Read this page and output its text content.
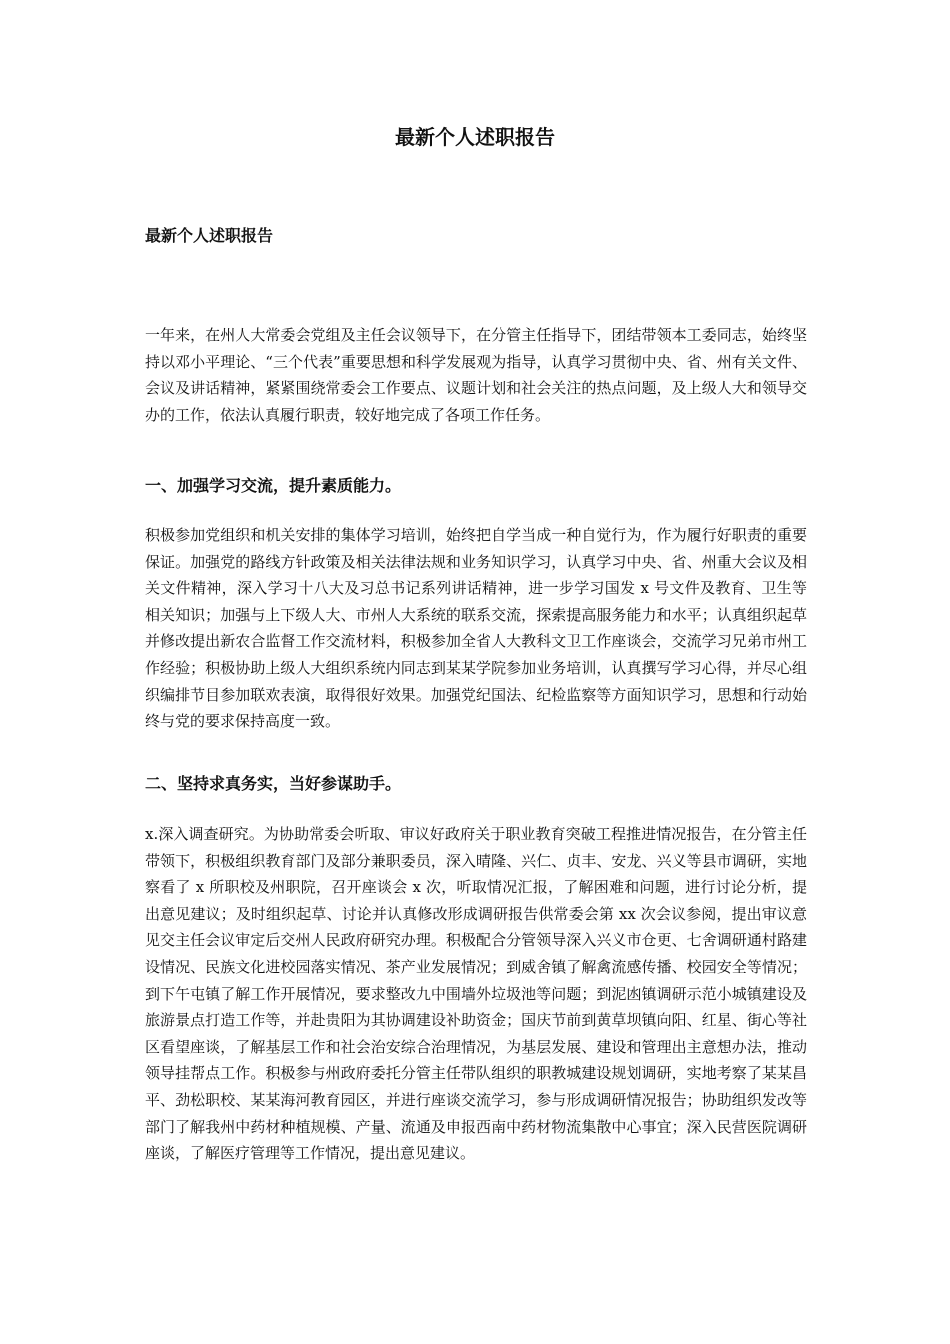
最新个人述职报告
最新个人述职报告

一年来，在州人大常委会党组及主任会议领导下，在分管主任指导下，团结带领本工委同志，始终坚持以邓小平理论、“三个代表”重要思想和科学发展观为指导，认真学习贯彻中央、省、州有关文件、会议及讲话精神，紧紧围绕常委会工作要点、议题计划和社会关注的热点问题，及上级人大和领导交办的工作，依法认真履行职责，较好地完成了各项工作任务。

一、加强学习交流，提升素质能力。

积极参加党组织和机关安排的集体学习培训，始终把自学当成一种自觉行为，作为履行好职责的重要保证。加强党的路线方针政策及相关法律法规和业务知识学习，认真学习中央、省、州重大会议及相关文件精神，深入学习十八大及习总书记系列讲话精神，进一步学习国发 x 号文件及教育、卫生等相关知识；加强与上下级人大、市州人大系统的联系交流，探索提高服务能力和水平；认真组织起草并修改提出新农合监督工作交流材料，积极参加全省人大教科文卫工作座谈会，交流学习兄弟市州工作经验；积极协助上级人大组织系统内同志到某某学院参加业务培训，认真撰写学习心得，并尽心组织编排节目参加联欢表演，取得很好效果。加强党纪国法、纪检监察等方面知识学习，思想和行动始终与党的要求保持高度一致。

二、坚持求真务实，当好参谋助手。

x.深入调查研究。为协助常委会听取、审议好政府关于职业教育突破工程推进情况报告，在分管主任带领下，积极组织教育部门及部分兼职委员，深入晴隆、兴仁、贞丰、安龙、兴义等县市调研，实地察看了 x 所职校及州职院，召开座谈会 x 次，听取情况汇报，了解困难和问题，进行讨论分析，提出意见建议；及时组织起草、讨论并认真修改形成调研报告供常委会第 xx 次会议参阅，提出审议意见交主任会议审定后交州人民政府研究办理。积极配合分管领导深入兴义市仓更、七舍调研通村路建设情况、民族文化进校园落实情况、茶产业发展情况；到威舍镇了解禽流感传播、校园安全等情况；到下午屯镇了解工作开展情况，要求整改九中围墙外垃圾池等问题；到泥凼镇调研示范小城镇建设及旅游景点打造工作等，并赴贵阳为其协调建设补助资金；国庆节前到黄草坝镇向阳、红星、街心等社区看望座谈，了解基层工作和社会治安综合治理情况，为基层发展、建设和管理出主意想办法，推动领导挂帮点工作。积极参与州政府委托分管主任带队组织的职教城建设规划调研，实地考察了某某昌平、劲松职校、某某海河教育园区，并进行座谈交流学习，参与形成调研情况报告；协助组织发改等部门了解我州中药材种植规模、产量、流通及申报西南中药材物流集散中心事宜；深入民营医院调研座谈，了解医疗管理等工作情况，提出意见建议。
